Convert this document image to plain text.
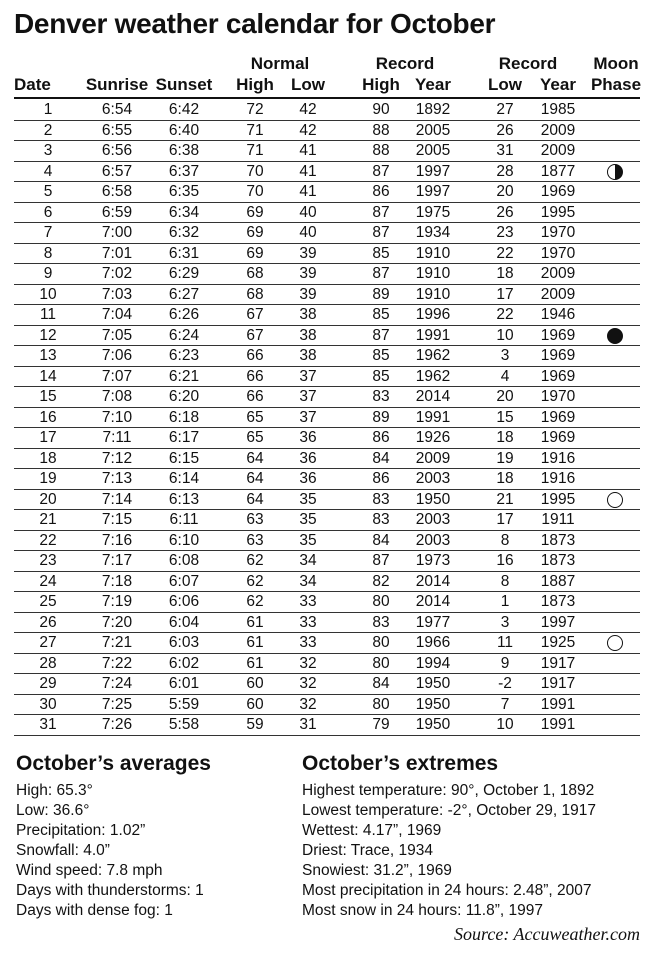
Denver weather calendar for October
Normal	Record	Record Moon
Date Sunrise Sunset High Low High Year Low Year Phase
1	6:54 6:42	72 42	90 1892	27 1985
2	6:55 6:40	71 42	88 2005	26 2009
3	6:56 6:38	71 41	88 2005	31 2009
4	6:57 6:37	70 41	87 1997	28 1877
5	6:58 6:35	70 41	86 1997	20 1969
6	6:59 6:34	69 40	87 1975	26 1995
7	7:00 6:32	69 40	87 1934	23 1970
8	7:01 6:31	69 39	85 1910	22 1970
9	7:02 6:29	68 39	87 1910	18 2009
10	7:03 6:27	68 39	89 1910	17 2009
11	7:04 6:26	67 38	85 1996	22 1946
12	7:05 6:24	67 38	87 1991	10 1969
13	7:06 6:23	66 38	85 1962	3 1969
14	7:07 6:21	66 37	85 1962	4 1969
15	7:08 6:20	66 37	83 2014	20 1970
16	7:10 6:18	65 37	89 1991	15 1969
17	7:11 6:17	65 36	86 1926	18 1969
18	7:12 6:15	64 36	84 2009	19 1916
19	7:13 6:14	64 36	86 2003	18 1916
20	7:14 6:13	64 35	83 1950	21 1995
21	7:15 6:11	63 35	83 2003	17 1911
22	7:16 6:10	63 35	84 2003	8 1873
23	7:17 6:08	62 34	87 1973	16 1873
24	7:18 6:07	62 34	82 2014	8 1887
25	7:19 6:06	62 33	80 2014	1 1873
26	7:20 6:04	61 33	83 1977	3 1997
27	7:21 6:03	61 33	80 1966	11 1925
28	7:22 6:02	61 32	80 1994	9 1917
29	7:24 6:01	60 32	84 1950	-2 1917
30	7:25 5:59	60 32	80 1950	7 1991
31	7:26 5:58	59 31	79 1950	10 1991
October’s averages
High: 65.3°
Low: 36.6°
Precipitation: 1.02”
Snowfall: 4.0”
Wind speed: 7.8 mph
Days with thunderstorms: 1
Days with dense fog: 1
October’s extremes
Highest temperature: 90°, October 1, 1892
Lowest temperature: -2°, October 29, 1917
Wettest: 4.17”, 1969
Driest: Trace, 1934
Snowiest: 31.2”, 1969
Most precipitation in 24 hours: 2.48”, 2007
Most snow in 24 hours: 11.8”, 1997
Source: Accuweather.com
